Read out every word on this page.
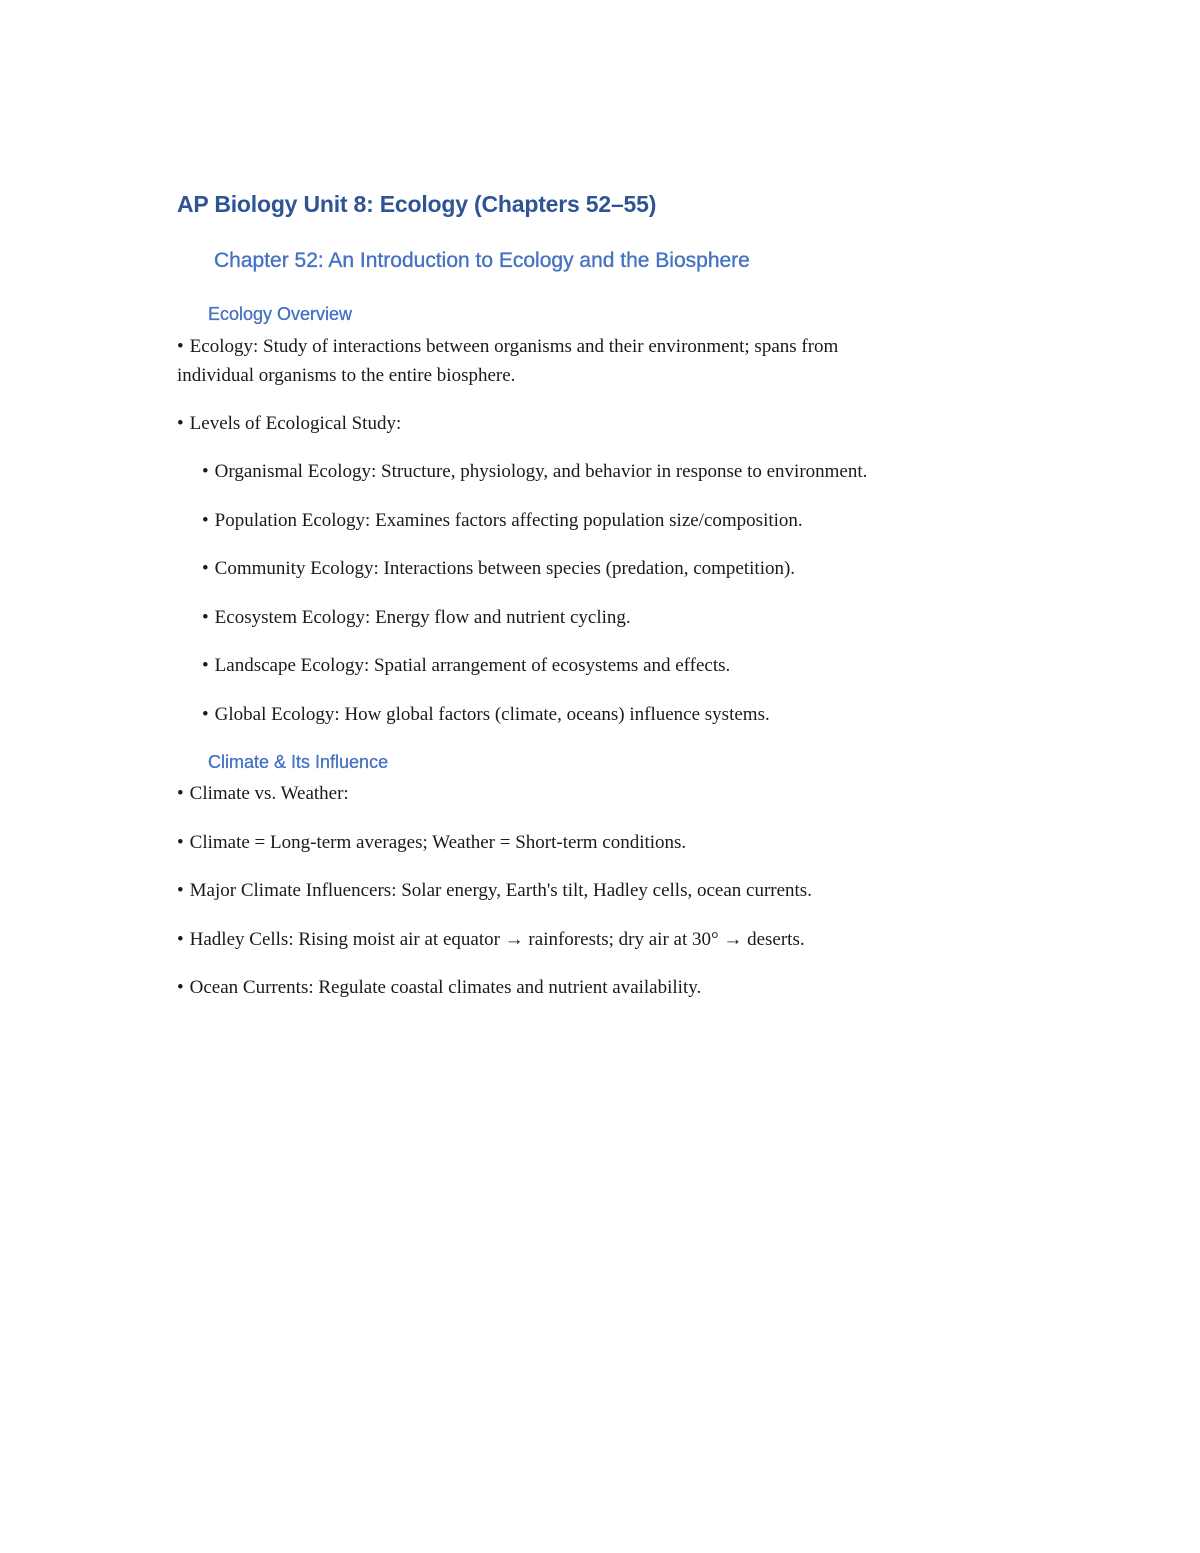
AP Biology Unit 8: Ecology (Chapters 52–55)
Chapter 52: An Introduction to Ecology and the Biosphere
Ecology Overview

• Ecology: Study of interactions between organisms and their environment; spans from

individual organisms to the entire biosphere.

• Levels of Ecological Study:

• Organismal Ecology: Structure, physiology, and behavior in response to environment.

• Population Ecology: Examines factors affecting population size/composition.

• Community Ecology: Interactions between species (predation, competition).

• Ecosystem Ecology: Energy flow and nutrient cycling.

• Landscape Ecology: Spatial arrangement of ecosystems and effects.

• Global Ecology: How global factors (climate, oceans) influence systems.

Climate & Its Influence

• Climate vs. Weather:

• Climate = Long-term averages; Weather = Short-term conditions.

• Major Climate Influencers: Solar energy, Earth's tilt, Hadley cells, ocean currents.

• Hadley Cells: Rising moist air at equator → rainforests; dry air at 30° → deserts.

• Ocean Currents: Regulate coastal climates and nutrient availability.
